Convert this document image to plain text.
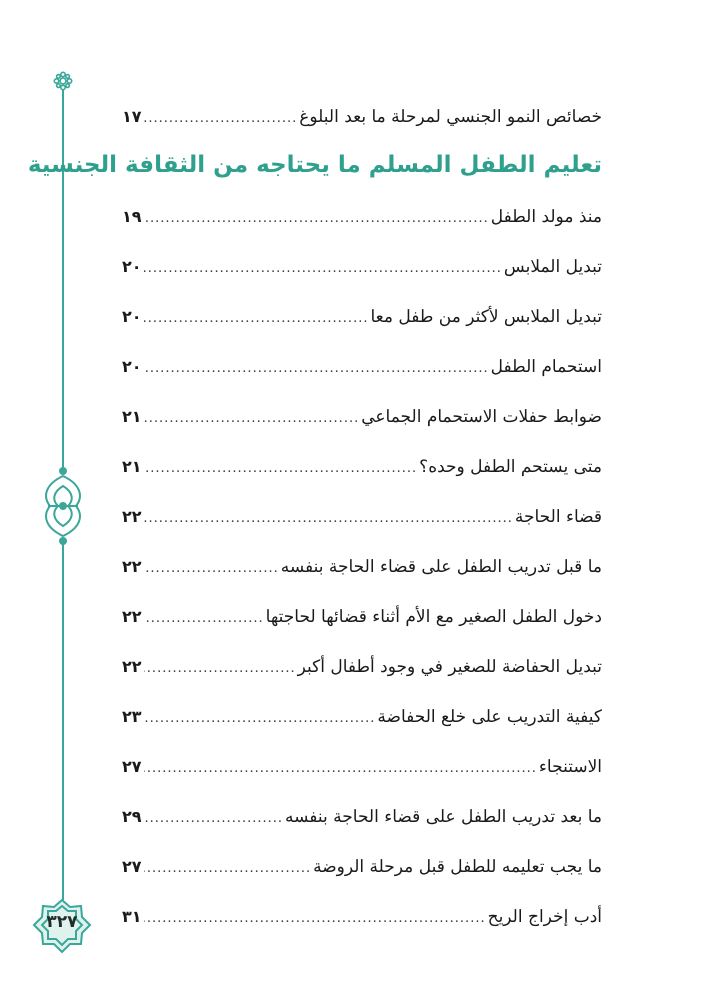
٣٢٧
خصائص النمو الجنسي لمرحلة ما بعد البلوغ
.....
١٧
تعليم الطفل المسلم ما يحتاجه من الثقافة الجنسية
منذ مولد الطفل
.....
١٩
تبديل الملابس
.....
٢٠
تبديل الملابس لأكثر من طفل معا
.....
٢٠
استحمام الطفل
.....
٢٠
ضوابط حفلات الاستحمام الجماعي
.....
٢١
متى يستحم الطفل وحده؟
.....
٢١
قضاء الحاجة
.....
٢٢
ما قبل تدريب الطفل على قضاء الحاجة بنفسه
.....
٢٢
دخول الطفل الصغير مع الأم أثناء قضائها لحاجتها
.....
٢٢
تبديل الحفاضة للصغير في وجود أطفال أكبر
.....
٢٢
كيفية التدريب على خلع الحفاضة
.....
٢٣
الاستنجاء
.....
٢٧
ما بعد تدريب الطفل على قضاء الحاجة بنفسه
.....
٢٩
ما يجب تعليمه للطفل قبل مرحلة الروضة
.....
٢٧
أدب إخراج الريح
.....
٣١
